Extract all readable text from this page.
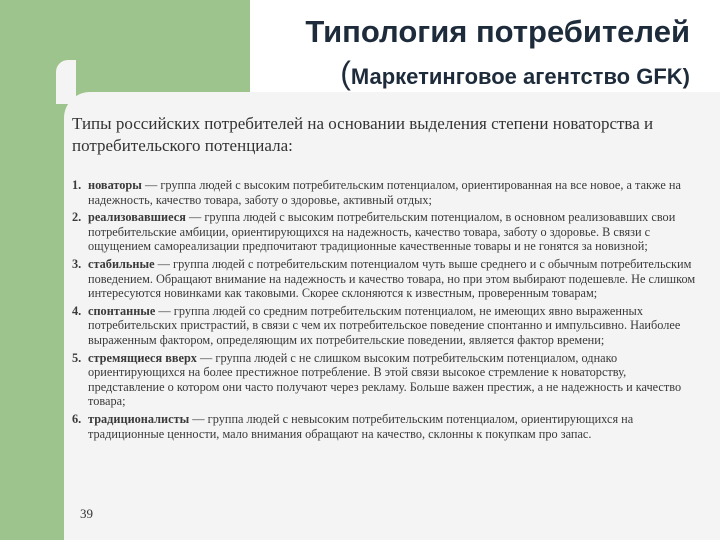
Типология потребителей
(Маркетинговое агентство GFK)
Типы российских потребителей на основании выделения степени новаторства и потребительского потенциала:
1. новаторы — группа людей с высоким потребительским потенциалом, ориентированная на все новое, а также на надежность, качество товара, заботу о здоровье, активный отдых;
2. реализовавшиеся — группа людей с высоким потребительским потенциалом, в основном реализовавших свои потребительские амбиции, ориентирующихся на надежность, качество товара, заботу о здоровье. В связи с ощущением самореализации предпочитают традиционные качественные товары и не гонятся за новизной;
3. стабильные — группа людей с потребительским потенциалом чуть выше среднего и с обычным потребительским поведением. Обращают внимание на надежность и качество товара, но при этом выбирают подешевле. Не слишком интересуются новинками как таковыми. Скорее склоняются к известным, проверенным товарам;
4. спонтанные — группа людей со средним потребительским потенциалом, не имеющих явно выраженных потребительских пристрастий, в связи с чем их потребительское поведение спонтанно и импульсивно. Наиболее выраженным фактором, определяющим их потребительские поведении, является фактор времени;
5. стремящиеся вверх — группа людей с не слишком высоким потребительским потенциалом, однако ориентирующихся на более престижное потребление. В этой связи высокое стремление к новаторству, представление о котором они часто получают через рекламу. Больше важен престиж, а не надежность и качество товара;
6. традиционалисты — группа людей с невысоким потребительским потенциалом, ориентирующихся на традиционные ценности, мало внимания обращают на качество, склонны к покупкам про запас.
39
